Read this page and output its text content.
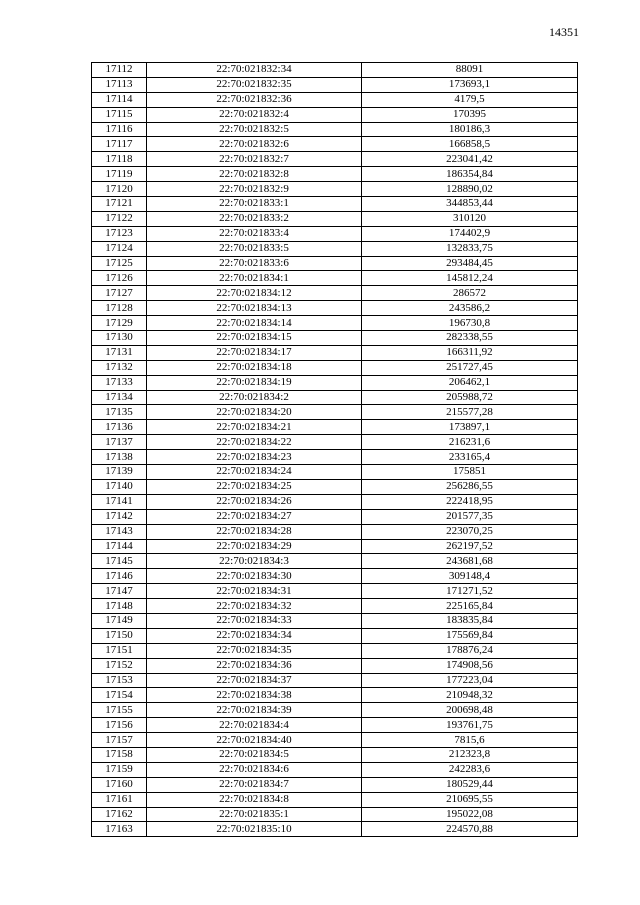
14351
17112	22:70:021832:34	88091
17113	22:70:021832:35	173693,1
17114	22:70:021832:36	4179,5
17115	22:70:021832:4	170395
17116	22:70:021832:5	180186,3
17117	22:70:021832:6	166858,5
17118	22:70:021832:7	223041,42
17119	22:70:021832:8	186354,84
17120	22:70:021832:9	128890,02
17121	22:70:021833:1	344853,44
17122	22:70:021833:2	310120
17123	22:70:021833:4	174402,9
17124	22:70:021833:5	132833,75
17125	22:70:021833:6	293484,45
17126	22:70:021834:1	145812,24
17127	22:70:021834:12	286572
17128	22:70:021834:13	243586,2
17129	22:70:021834:14	196730,8
17130	22:70:021834:15	282338,55
17131	22:70:021834:17	166311,92
17132	22:70:021834:18	251727,45
17133	22:70:021834:19	206462,1
17134	22:70:021834:2	205988,72
17135	22:70:021834:20	215577,28
17136	22:70:021834:21	173897,1
17137	22:70:021834:22	216231,6
17138	22:70:021834:23	233165,4
17139	22:70:021834:24	175851
17140	22:70:021834:25	256286,55
17141	22:70:021834:26	222418,95
17142	22:70:021834:27	201577,35
17143	22:70:021834:28	223070,25
17144	22:70:021834:29	262197,52
17145	22:70:021834:3	243681,68
17146	22:70:021834:30	309148,4
17147	22:70:021834:31	171271,52
17148	22:70:021834:32	225165,84
17149	22:70:021834:33	183835,84
17150	22:70:021834:34	175569,84
17151	22:70:021834:35	178876,24
17152	22:70:021834:36	174908,56
17153	22:70:021834:37	177223,04
17154	22:70:021834:38	210948,32
17155	22:70:021834:39	200698,48
17156	22:70:021834:4	193761,75
17157	22:70:021834:40	7815,6
17158	22:70:021834:5	212323,8
17159	22:70:021834:6	242283,6
17160	22:70:021834:7	180529,44
17161	22:70:021834:8	210695,55
17162	22:70:021835:1	195022,08
17163	22:70:021835:10	224570,88
